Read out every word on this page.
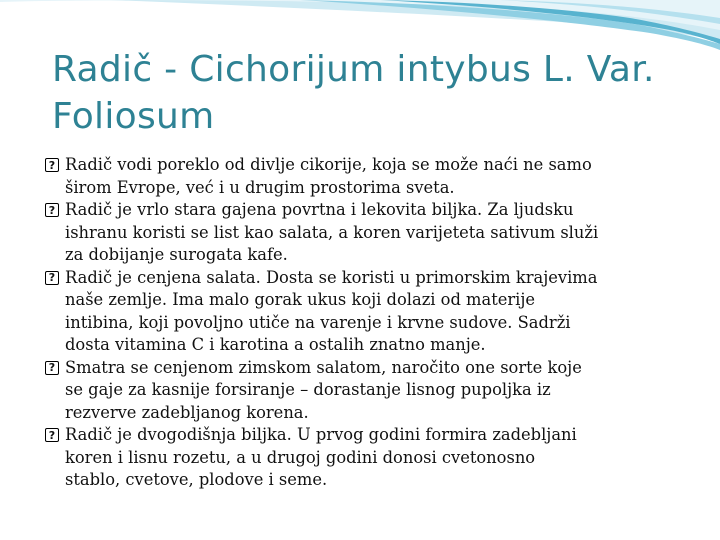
Radič - Cichorijum intybus L. Var.
Foliosum
? Radič vodi poreklo od divlje cikorije, koja se može naći ne samo
širom Evrope, već i u drugim prostorima sveta.
? Radič je vrlo stara gajena povrtna i lekovita biljka. Za ljudsku
ishranu koristi se list kao salata, a koren varijeteta sativum služi
za dobijanje surogata kafe.
? Radič je cenjena salata. Dosta se koristi u primorskim krajevima
naše zemlje. Ima malo gorak ukus koji dolazi od materije
intibina, koji povoljno utiče na varenje i krvne sudove. Sadrži
dosta vitamina C i karotina a ostalih znatno manje.
? Smatra se cenjenom zimskom salatom, naročito one sorte koje
se gaje za kasnije forsiranje – dorastanje lisnog pupoljka iz
rezverve zadebljanog korena.
? Radič je dvogodišnja biljka. U prvog godini formira zadebljani
koren i lisnu rozetu, a u drugoj godini donosi cvetonosno
stablo, cvetove, plodove i seme.
